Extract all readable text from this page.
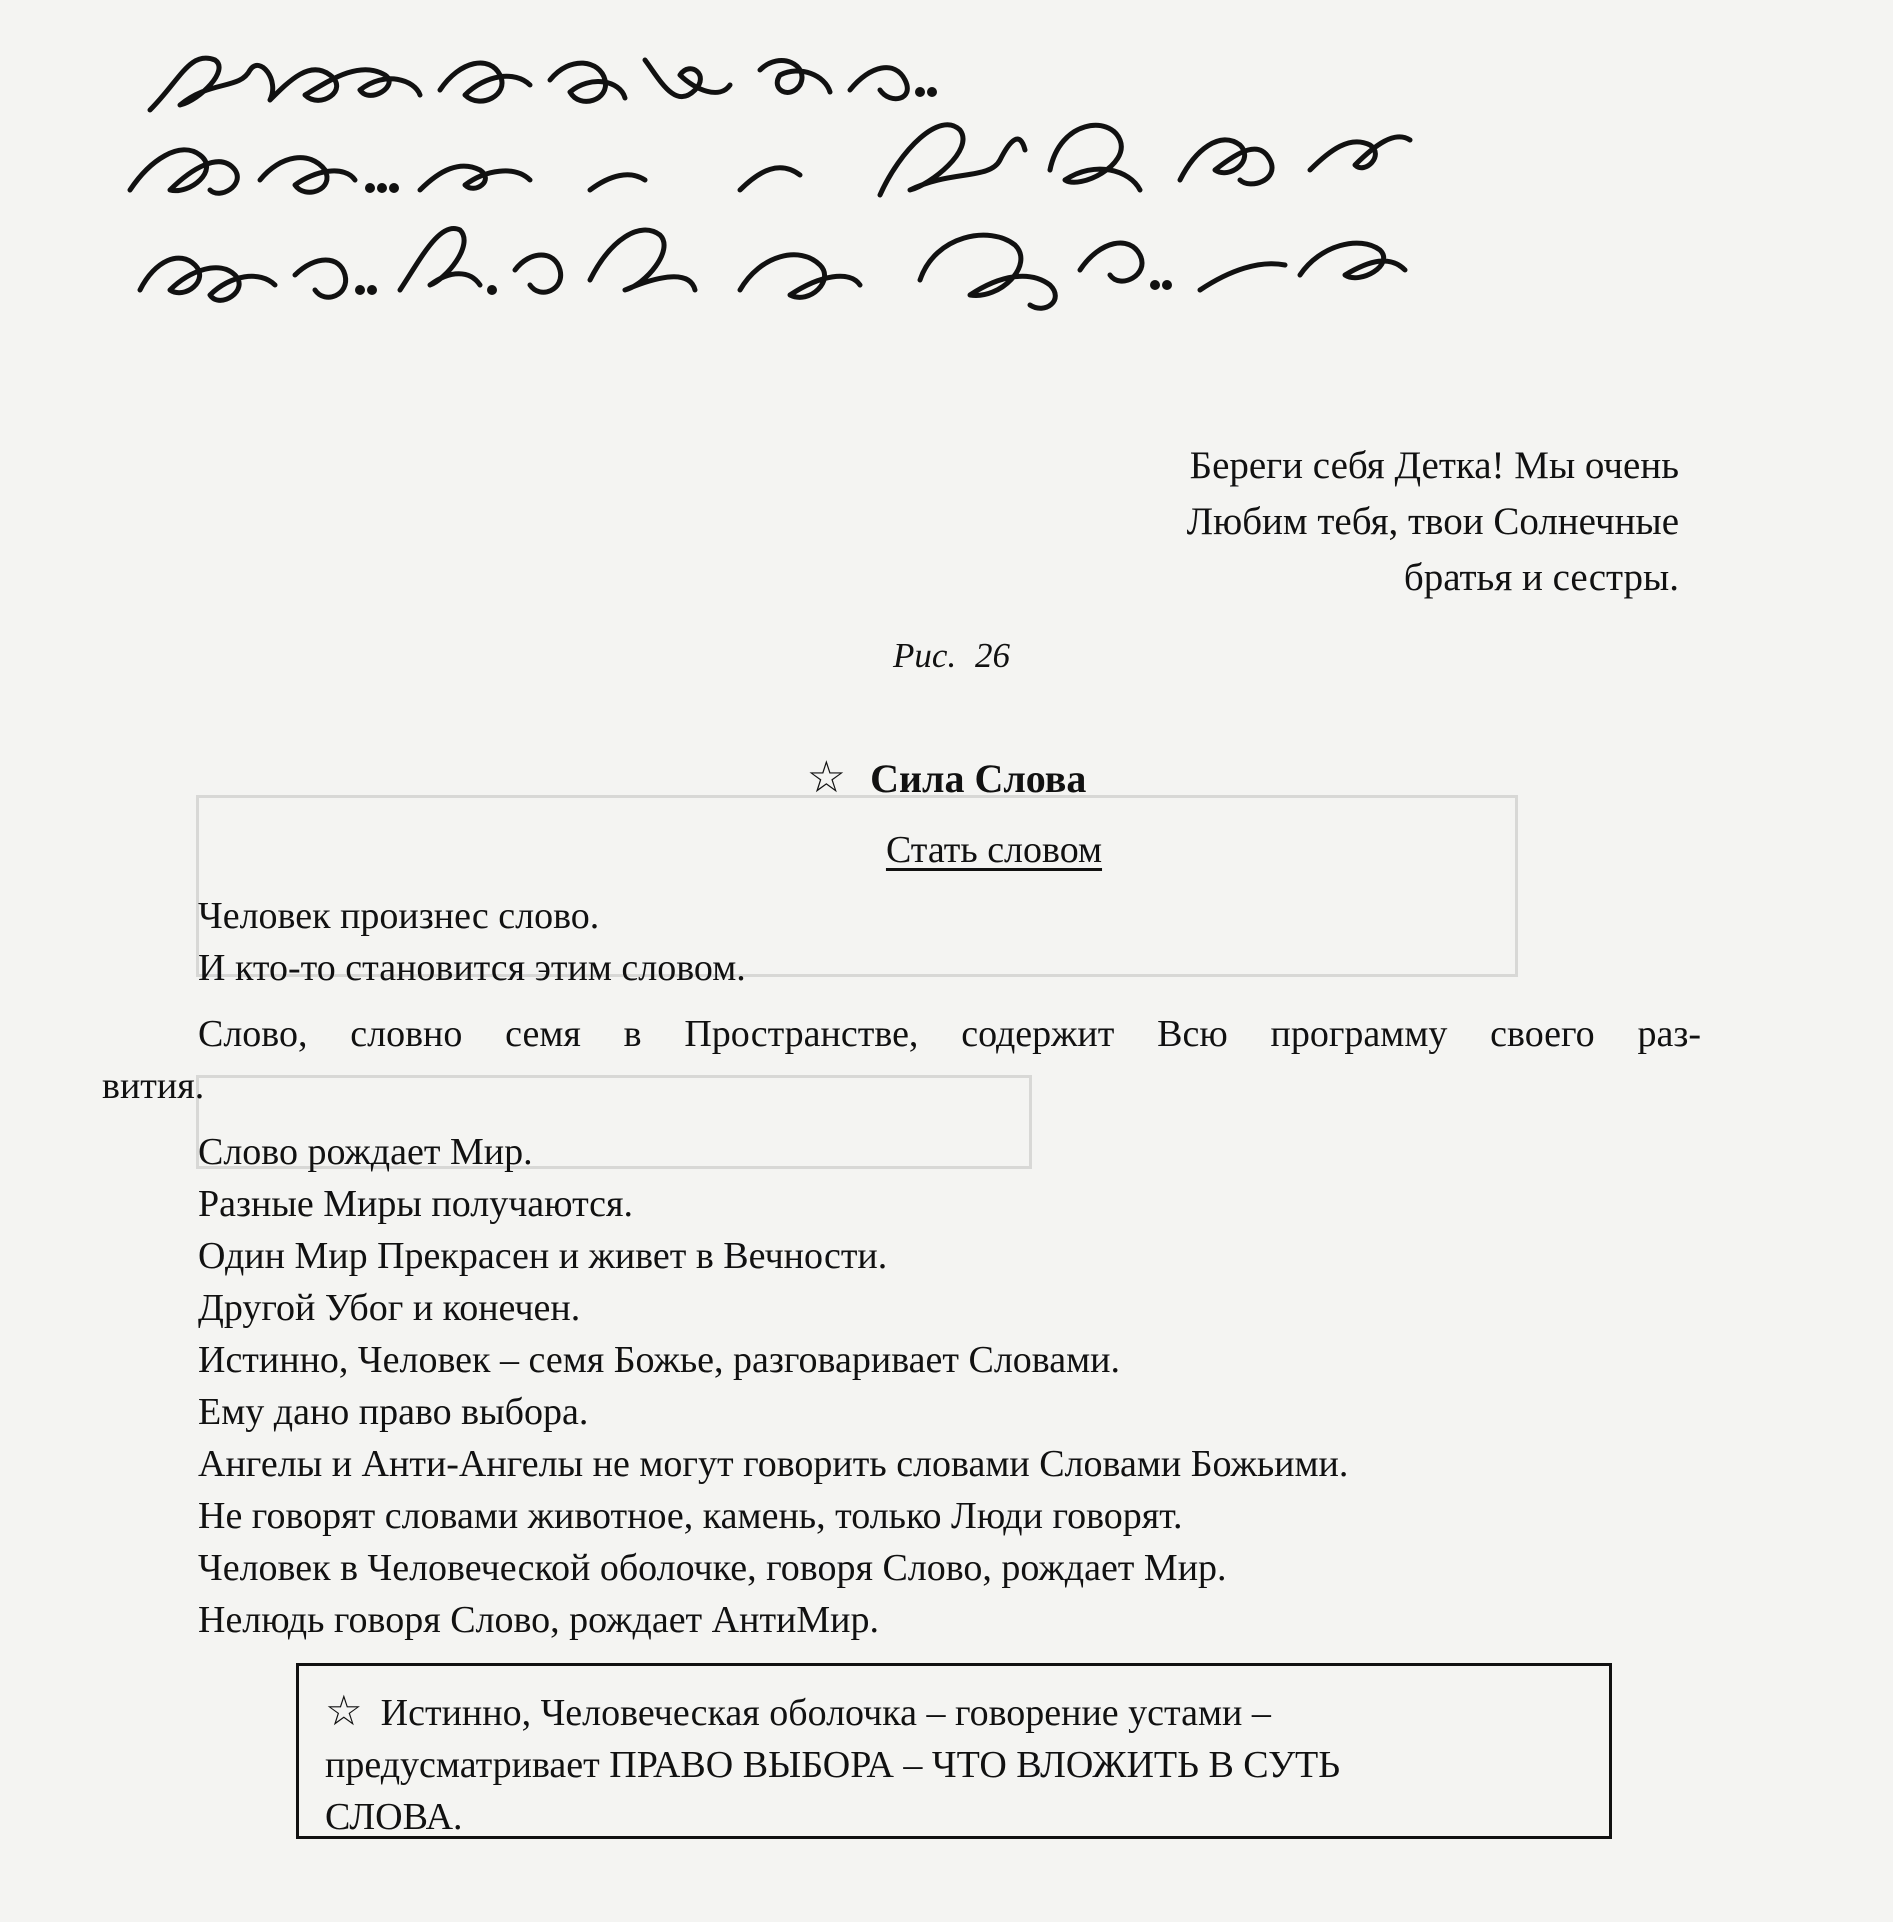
Береги себя Детка! Мы очень
Любим тебя, твои Солнечные
братья и сестры.
Рис. 26
☆ Сила Слова
Стать словом
Человек произнес слово.
И кто-то становится этим словом.
Слово, словно семя в Пространстве, содержит Всю программу своего раз-
вития.
Слово рождает Мир.
Разные Миры получаются.
Один Мир Прекрасен и живет в Вечности.
Другой Убог и конечен.
Истинно, Человек – семя Божье, разговаривает Словами.
Ему дано право выбора.
Ангелы и Анти-Ангелы не могут говорить словами Словами Божьими.
Не говорят словами животное, камень, только Люди говорят.
Человек в Человеческой оболочке, говоря Слово, рождает Мир.
Нелюдь говоря Слово, рождает АнтиМир.
☆ Истинно, Человеческая оболочка – говорение устами –
предусматривает ПРАВО ВЫБОРА – ЧТО ВЛОЖИТЬ В СУТЬ
СЛОВА.
